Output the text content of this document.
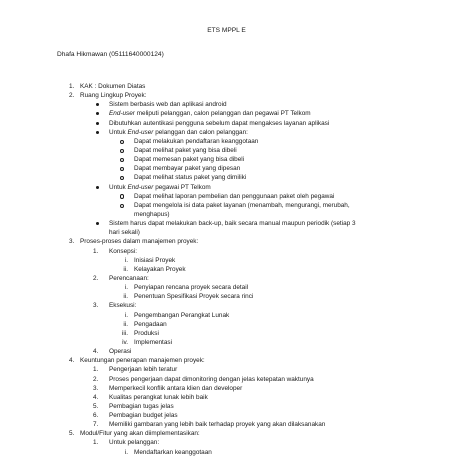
ETS MPPL E
Dhafa Hikmawan (05111640000124)
1. KAK : Dokumen Diatas
2. Ruang Lingkup Proyek:
Sistem berbasis web dan aplikasi android
End-user meliputi pelanggan, calon pelanggan dan pegawai PT Telkom
Dibutuhkan autentikasi pengguna sebelum dapat mengakses layanan aplikasi
Untuk End-user pelanggan dan calon pelanggan:
Dapat melakukan pendaftaran keanggotaan
Dapat melihat paket yang bisa dibeli
Dapat memesan paket yang bisa dibeli
Dapat membayar paket yang dipesan
Dapat melihat status paket yang dimiliki
Untuk End-user pegawai PT Telkom
Dapat melihat laporan pembelian dan penggunaan paket oleh pegawai
Dapat mengelola isi data paket layanan (menambah, mengurangi, merubah,
menghapus)
Sistem harus dapat melakukan back-up, baik secara manual maupun periodik (setiap 3
hari sekali)
3. Proses-proses dalam manajemen proyek:
1. Konsepsi:
i. Inisiasi Proyek
ii. Kelayakan Proyek
2. Perencanaan:
i. Penyiapan rencana proyek secara detail
ii. Penentuan Spesifikasi Proyek secara rinci
3. Eksekusi:
i. Pengembangan Perangkat Lunak
ii. Pengadaan
iii. Produksi
iv. Implementasi
4. Operasi
4. Keuntungan penerapan manajemen proyek:
1. Pengerjaan lebih teratur
2. Proses pengerjaan dapat dimonitoring dengan jelas ketepatan waktunya
3. Memperkecil konflik antara klien dan developer
4. Kualitas perangkat lunak lebih baik
5. Pembagian tugas jelas
6. Pembagian budget jelas
7. Memiliki gambaran yang lebih baik terhadap proyek yang akan dilaksanakan
5. Modul/Fitur yang akan diimplementasikan:
1. Untuk pelanggan:
i. Mendaftarkan keanggotaan
